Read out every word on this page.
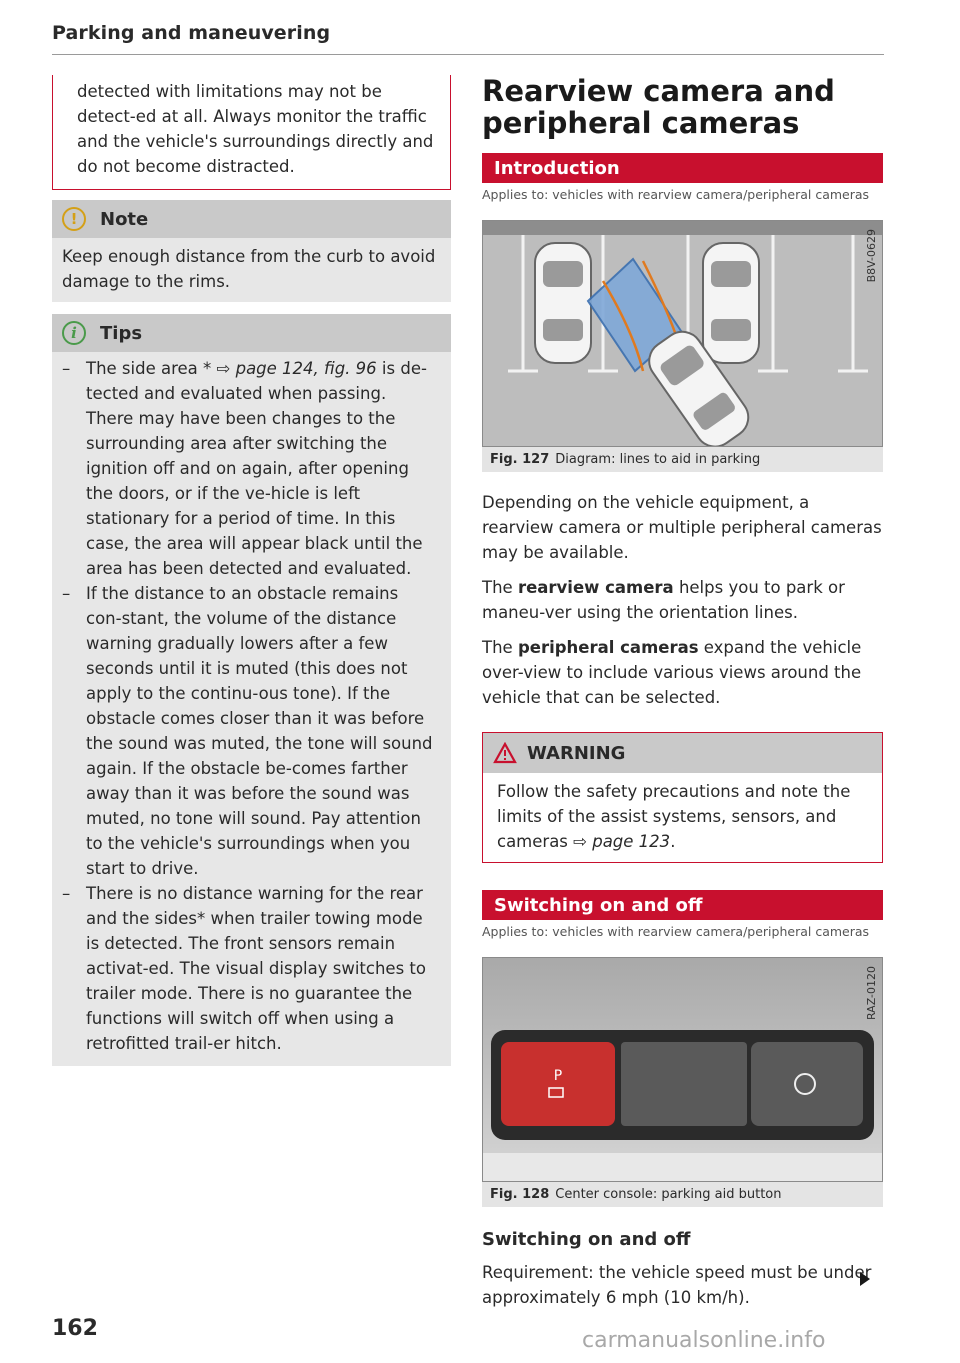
Parking and maneuvering

detected with limitations may not be detect-ed at all. Always monitor the traffic and the vehicle's surroundings directly and do not become distracted.

!	Note

Keep enough distance from the curb to avoid damage to the rims.

i	Tips
– The side area * ⇨ page 124, fig. 96 is de-tected and evaluated when passing. There may have been changes to the surrounding area after switching the ignition off and on again, after opening the doors, or if the ve-hicle is left stationary for a period of time. In this case, the area will appear black until the area has been detected and evaluated.
– If the distance to an obstacle remains con-stant, the volume of the distance warning gradually lowers after a few seconds until it is muted (this does not apply to the continu-ous tone). If the obstacle comes closer than it was before the sound was muted, the tone will sound again. If the obstacle be-comes farther away than it was before the sound was muted, no tone will sound. Pay attention to the vehicle's surroundings when you start to drive.
– There is no distance warning for the rear and the sides* when trailer towing mode is detected. The front sensors remain activat-ed. The visual display switches to trailer mode. There is no guarantee the functions will switch off when using a retrofitted trail-er hitch.
162
Rearview camera and
peripheral cameras
Introduction
Applies to: vehicles with rearview camera/peripheral cameras
B8V-0629
Fig. 127 Diagram: lines to aid in parking

Depending on the vehicle equipment, a rearview camera or multiple peripheral cameras may be available.

The rearview camera helps you to park or maneu-ver using the orientation lines.

The peripheral cameras expand the vehicle over-view to include various views around the vehicle that can be selected.

WARNING

Follow the safety precautions and note the limits of the assist systems, sensors, and cameras ⇨ page 123.

Switching on and off
Applies to: vehicles with rearview camera/peripheral cameras
P
RAZ-0120
Fig. 128 Center console: parking aid button
Switching on and off

Requirement: the vehicle speed must be under approximately 6 mph (10 km/h).

carmanualsonline.info
